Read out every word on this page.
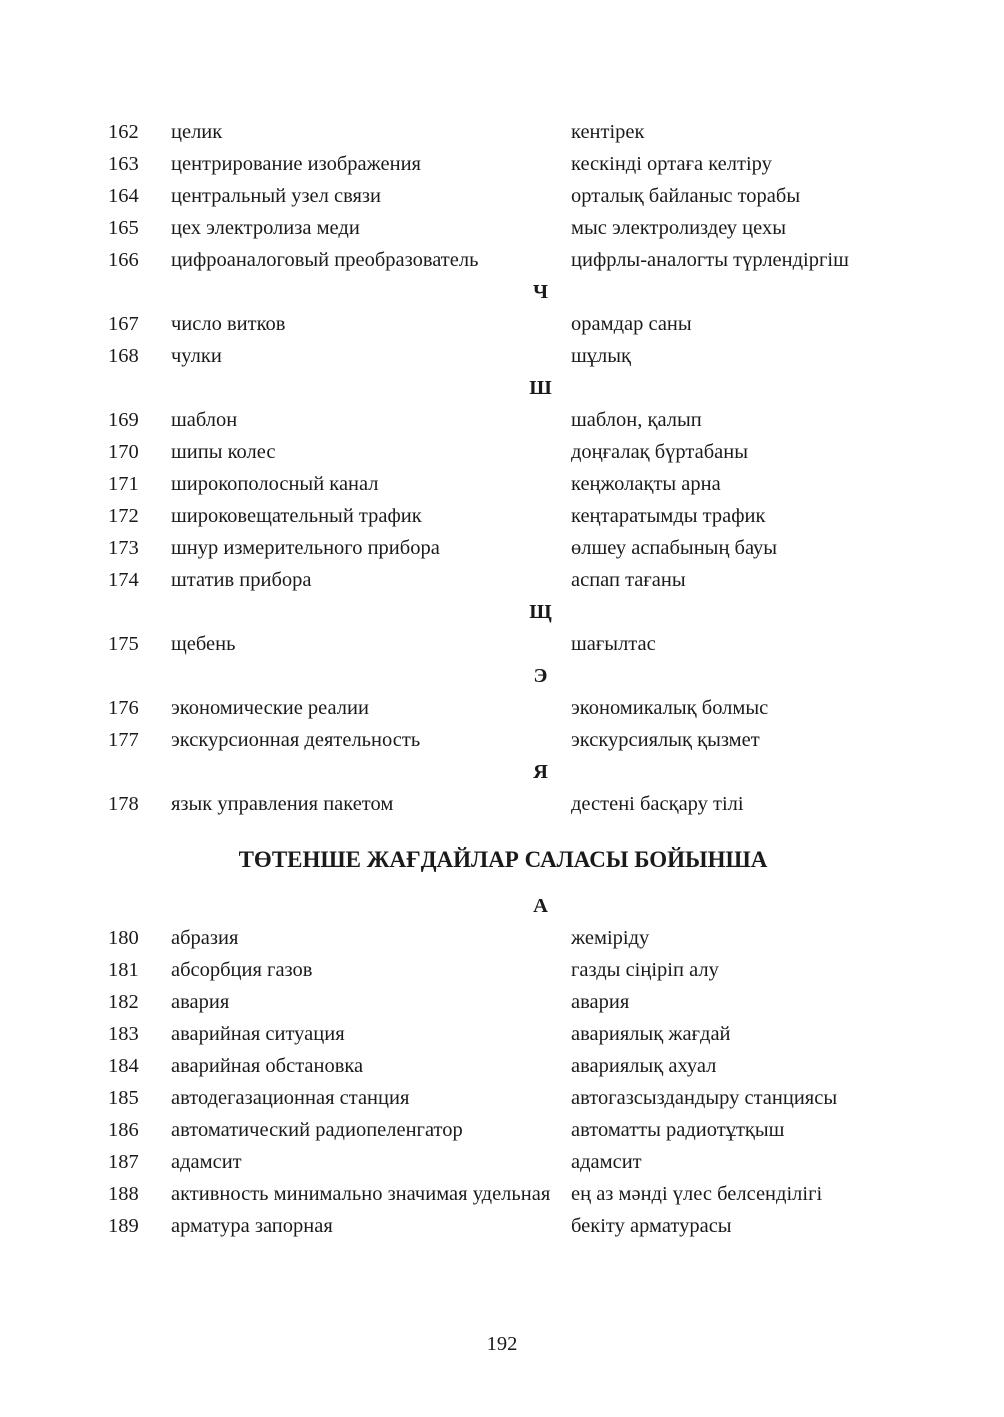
162	целик	кентірек
163	центрирование изображения	кескінді ортаға келтіру
164	центральный узел связи	орталық байланыс торабы
165	цех электролиза меди	мыс электролиздеу цехы
166	цифроаналоговый преобразователь	цифрлы-аналогты түрлендіргіш
Ч
167	число витков	орамдар саны
168	чулки	шұлық
Ш
169	шаблон	шаблон, қалып
170	шипы колес	доңғалақ бүртабаны
171	широкополосный канал	кеңжолақты арна
172	широковещательный трафик	кеңтаратымды трафик
173	шнур измерительного прибора	өлшеу аспабының бауы
174	штатив прибора	аспап тағаны
Щ
175	щебень	шағылтас
Э
176	экономические реалии	экономикалық болмыс
177	экскурсионная деятельность	экскурсиялық қызмет
Я
178	язык управления пакетом	дестені басқару тілі
ТӨТЕНШЕ ЖАҒДАЙЛАР САЛАСЫ БОЙЫНША
А
180	абразия	жеміріду
181	абсорбция газов	газды сіңіріп алу
182	авария	авария
183	аварийная ситуация	авариялық жағдай
184	аварийная обстановка	авариялық ахуал
185	автодегазационная станция	автогазсыздандыру станциясы
186	автоматический радиопеленгатор	автоматты радиотұтқыш
187	адамсит	адамсит
188	активность минимально значимая удельная	ең аз мәнді үлес белсенділігі
189	арматура запорная	бекіту арматурасы
192
